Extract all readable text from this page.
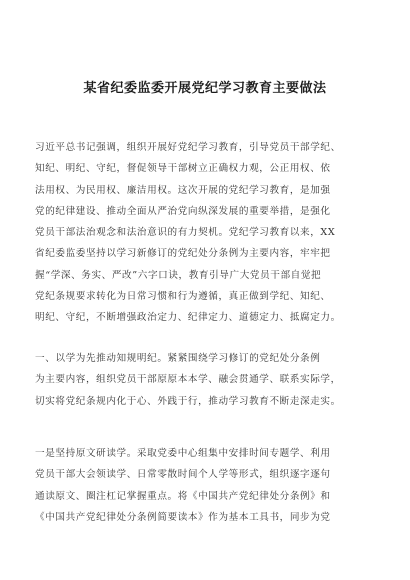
某省纪委监委开展党纪学习教育主要做法

习近平总书记强调，组织开展好党纪学习教育，引导党员干部学纪、
知纪、明纪、守纪，督促领导干部树立正确权力观，公正用权、依
法用权、为民用权、廉洁用权。这次开展的党纪学习教育，是加强
党的纪律建设、推动全面从严治党向纵深发展的重要举措，是强化
党员干部法治观念和法治意识的有力契机。党纪学习教育以来，XX
省纪委监委坚持以学习新修订的党纪处分条例为主要内容，牢牢把
握“学深、务实、严改”六字口诀，教育引导广大党员干部自觉把
党纪条规要求转化为日常习惯和行为遵循，真正做到学纪、知纪、
明纪、守纪，不断增强政治定力、纪律定力、道德定力、抵腐定力。

一、以学为先推动知规明纪。紧紧围绕学习修订的党纪处分条例
为主要内容，组织党员干部原原本本学、融会贯通学、联系实际学，
切实将党纪条规内化于心、外践于行，推动学习教育不断走深走实。

一是坚持原文研读学。采取党委中心组集中安排时间专题学、利用
党员干部大会领读学、日常零散时间个人学等形式，组织逐字逐句
通读原文、圈注杠记掌握重点。将《中国共产党纪律处分条例》和
《中国共产党纪律处分条例简要读本》作为基本工具书，同步为党
